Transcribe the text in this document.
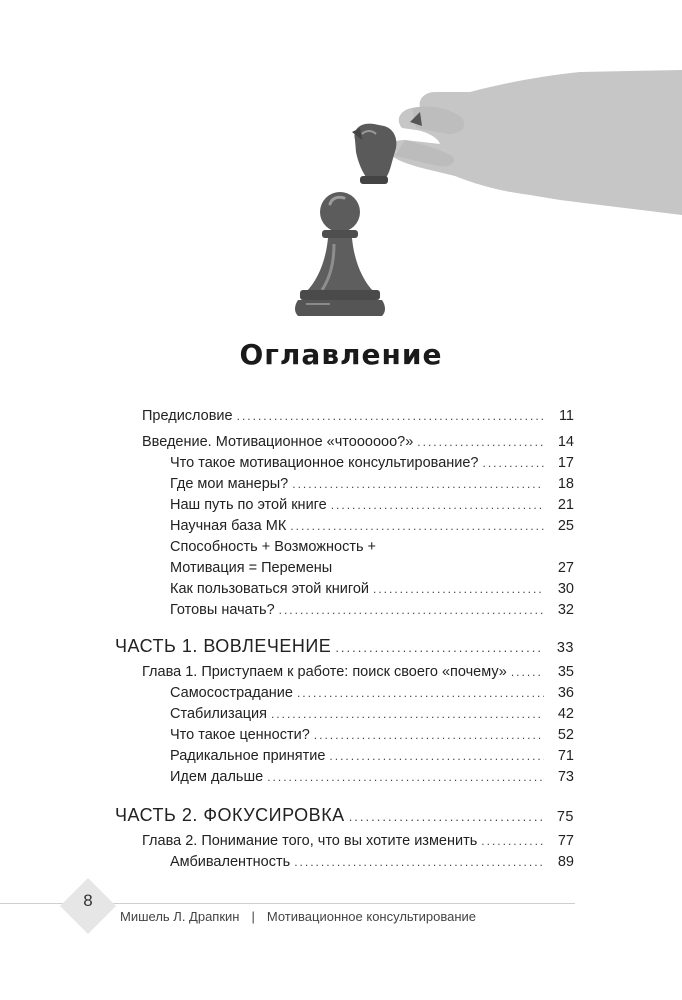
Оглавление
Предисловие .....	11
Введение. Мотивационное «чтоооооо?» .....	14
Что такое мотивационное консультирование? .....	17
Где мои манеры? .....	18
Наш путь по этой книге .....	21
Научная база МК .....	25
Способность + Возможность +
Мотивация = Перемены	27
Как пользоваться этой книгой .....	30
Готовы начать? .....	32
ЧАСТЬ 1. ВОВЛЕЧЕНИЕ .....	33
Глава 1. Приступаем к работе: поиск своего «почему» .....	35
Самосострадание .....	36
Стабилизация .....	42
Что такое ценности? .....	52
Радикальное принятие .....	71
Идем дальше .....	73
ЧАСТЬ 2. ФОКУСИРОВКА .....	75
Глава 2. Понимание того, что вы хотите изменить .....	77
Амбивалентность .....	89
8
Мишель Л. Драпкин | Мотивационное консультирование
